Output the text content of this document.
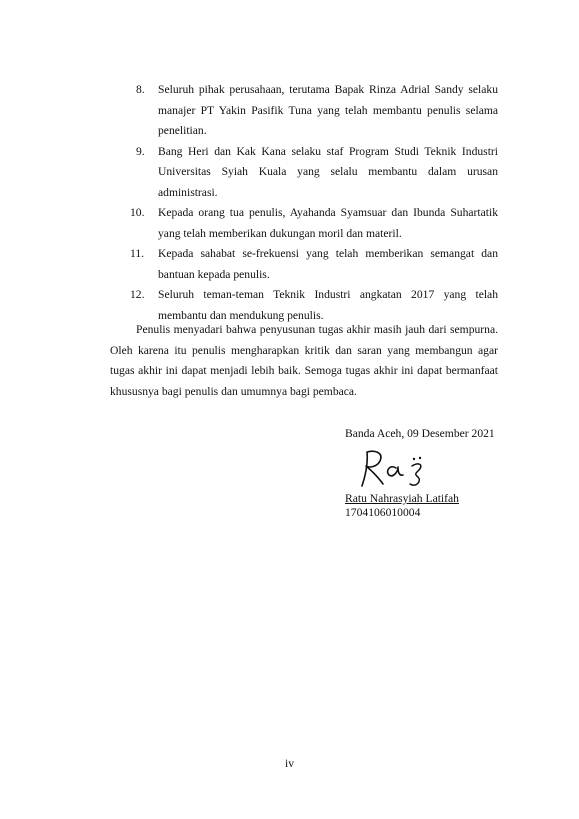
8.	Seluruh pihak perusahaan, terutama Bapak Rinza Adrial Sandy selaku manajer PT Yakin Pasifik Tuna yang telah membantu penulis selama penelitian.
9.	Bang Heri dan Kak Kana selaku staf Program Studi Teknik Industri Universitas Syiah Kuala yang selalu membantu dalam urusan administrasi.
10.	Kepada orang tua penulis, Ayahanda Syamsuar dan Ibunda Suhartatik yang telah memberikan dukungan moril dan materil.
11.	Kepada sahabat se-frekuensi yang telah memberikan semangat dan bantuan kepada penulis.
12.	Seluruh teman-teman Teknik Industri angkatan 2017 yang telah membantu dan mendukung penulis.

Penulis menyadari bahwa penyusunan tugas akhir masih jauh dari sempurna. Oleh karena itu penulis mengharapkan kritik dan saran yang membangun agar tugas akhir ini dapat menjadi lebih baik. Semoga tugas akhir ini dapat bermanfaat khususnya bagi penulis dan umumnya bagi pembaca.

Banda Aceh, 09 Desember 2021
Ratu Nahrasyiah Latifah
1704106010004
iv
